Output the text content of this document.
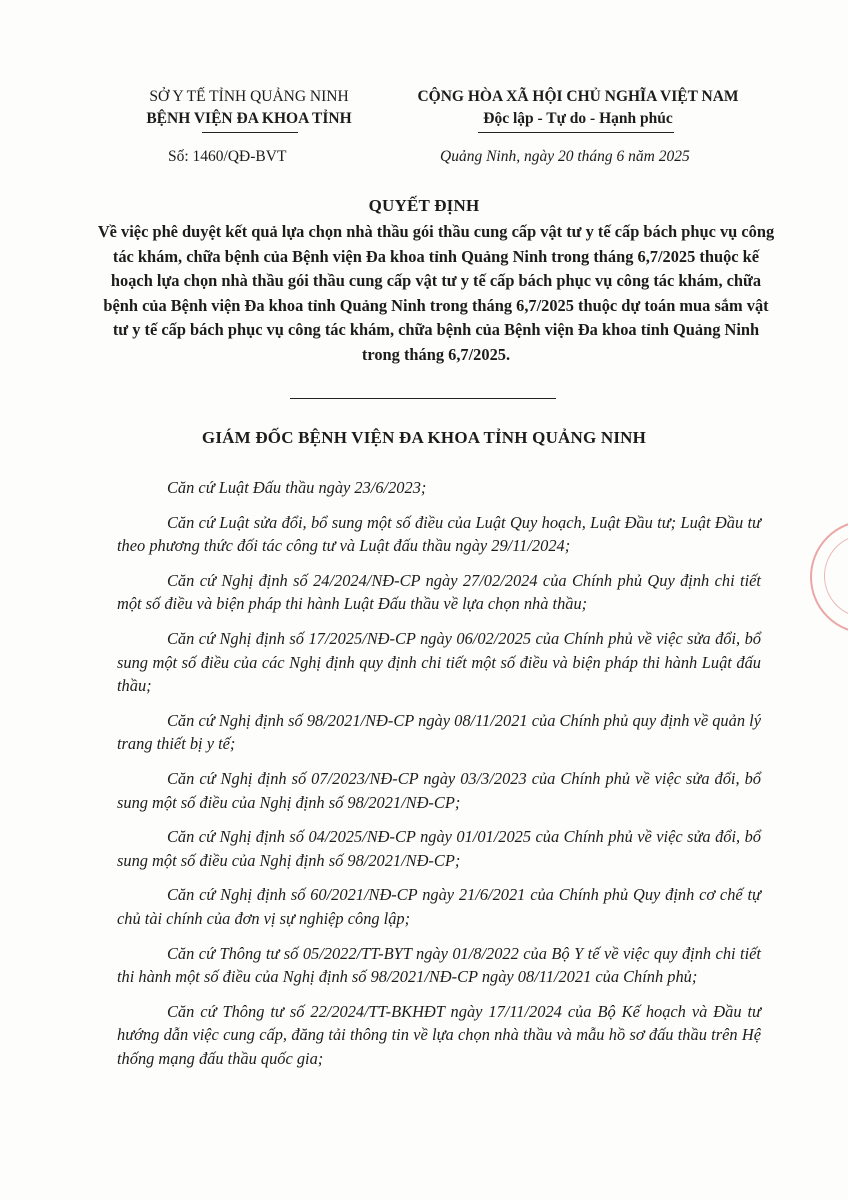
SỞ Y TẾ TỈNH QUẢNG NINH
BỆNH VIỆN ĐA KHOA TỈNH
CỘNG HÒA XÃ HỘI CHỦ NGHĨA VIỆT NAM
Độc lập - Tự do - Hạnh phúc
Số: 1460/QĐ-BVT	Quảng Ninh, ngày 20 tháng 6 năm 2025
QUYẾT ĐỊNH

Về việc phê duyệt kết quả lựa chọn nhà thầu gói thầu cung cấp vật tư y tế cấp bách phục vụ công tác khám, chữa bệnh của Bệnh viện Đa khoa tỉnh Quảng Ninh trong tháng 6,7/2025 thuộc kế hoạch lựa chọn nhà thầu gói thầu cung cấp vật tư y tế cấp bách phục vụ công tác khám, chữa bệnh của Bệnh viện Đa khoa tỉnh Quảng Ninh trong tháng 6,7/2025 thuộc dự toán mua sắm vật tư y tế cấp bách phục vụ công tác khám, chữa bệnh của Bệnh viện Đa khoa tỉnh Quảng Ninh trong tháng 6,7/2025.

GIÁM ĐỐC BỆNH VIỆN ĐA KHOA TỈNH QUẢNG NINH
Căn cứ Luật Đấu thầu ngày 23/6/2023;
Căn cứ Luật sửa đổi, bổ sung một số điều của Luật Quy hoạch, Luật Đầu tư; Luật Đầu tư theo phương thức đối tác công tư và Luật đấu thầu ngày 29/11/2024;
Căn cứ Nghị định số 24/2024/NĐ-CP ngày 27/02/2024 của Chính phủ Quy định chi tiết một số điều và biện pháp thi hành Luật Đấu thầu về lựa chọn nhà thầu;
Căn cứ Nghị định số 17/2025/NĐ-CP ngày 06/02/2025 của Chính phủ về việc sửa đổi, bổ sung một số điều của các Nghị định quy định chi tiết một số điều và biện pháp thi hành Luật đấu thầu;
Căn cứ Nghị định số 98/2021/NĐ-CP ngày 08/11/2021 của Chính phủ quy định về quản lý trang thiết bị y tế;
Căn cứ Nghị định số 07/2023/NĐ-CP ngày 03/3/2023 của Chính phủ về việc sửa đổi, bổ sung một số điều của Nghị định số 98/2021/NĐ-CP;
Căn cứ Nghị định số 04/2025/NĐ-CP ngày 01/01/2025 của Chính phủ về việc sửa đổi, bổ sung một số điều của Nghị định số 98/2021/NĐ-CP;
Căn cứ Nghị định số 60/2021/NĐ-CP ngày 21/6/2021 của Chính phủ Quy định cơ chế tự chủ tài chính của đơn vị sự nghiệp công lập;
Căn cứ Thông tư số 05/2022/TT-BYT ngày 01/8/2022 của Bộ Y tế về việc quy định chi tiết thi hành một số điều của Nghị định số 98/2021/NĐ-CP ngày 08/11/2021 của Chính phủ;
Căn cứ Thông tư số 22/2024/TT-BKHĐT ngày 17/11/2024 của Bộ Kế hoạch và Đầu tư hướng dẫn việc cung cấp, đăng tải thông tin về lựa chọn nhà thầu và mẫu hồ sơ đấu thầu trên Hệ thống mạng đấu thầu quốc gia;
